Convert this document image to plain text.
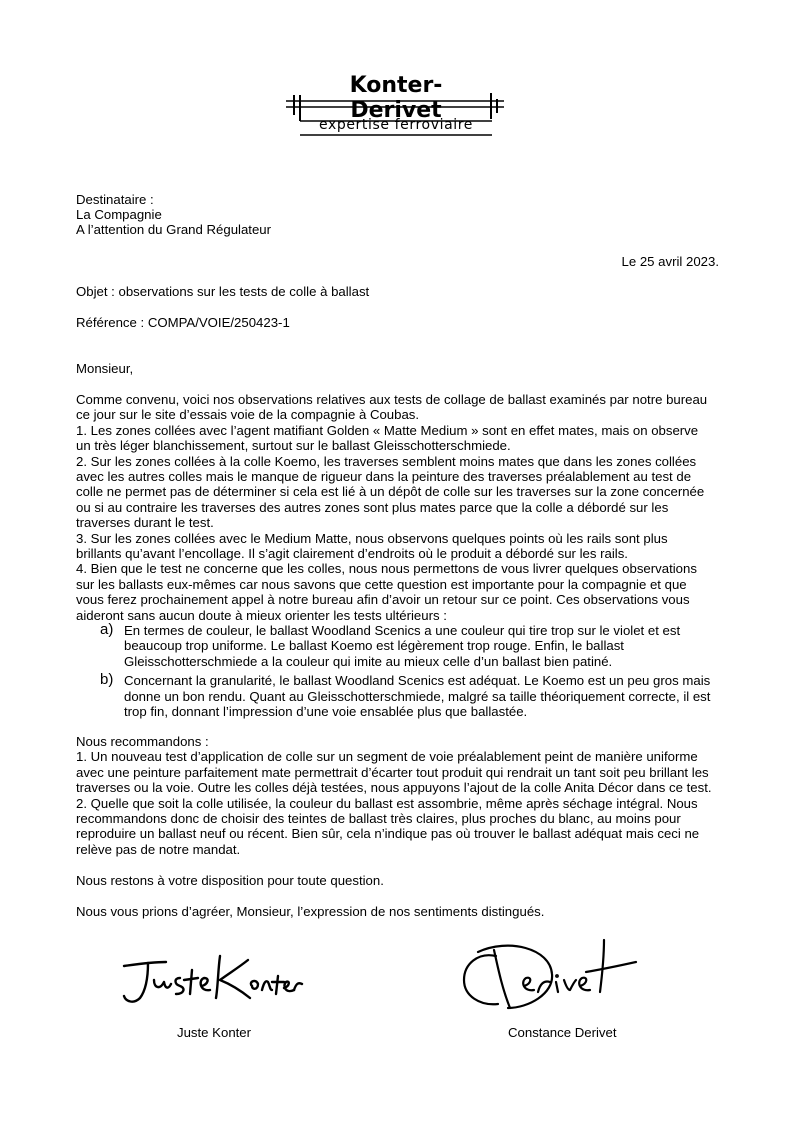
Konter-Derivet
expertise ferroviaire
Destinataire :
La Compagnie
A l’attention du Grand Régulateur
Le 25 avril 2023.
Objet : observations sur les tests de colle à ballast
Référence : COMPA/VOIE/250423-1
Monsieur,
Comme convenu, voici nos observations relatives aux tests de collage de ballast examinés par notre bureau
ce jour sur le site d’essais voie de la compagnie à Coubas.
1. Les zones collées avec l’agent matifiant Golden « Matte Medium » sont en effet mates, mais on observe
un très léger blanchissement, surtout sur le ballast Gleisschotterschmiede.
2. Sur les zones collées à la colle Koemo, les traverses semblent moins mates que dans les zones collées
avec les autres colles mais le manque de rigueur dans la peinture des traverses préalablement au test de
colle ne permet pas de déterminer si cela est lié à un dépôt de colle sur les traverses sur la zone concernée
ou si au contraire les traverses des autres zones sont plus mates parce que la colle a débordé sur les
traverses durant le test.
3. Sur les zones collées avec le Medium Matte, nous observons quelques points où les rails sont plus
brillants qu’avant l’encollage. Il s’agit clairement d’endroits où le produit a débordé sur les rails.
4. Bien que le test ne concerne que les colles, nous nous permettons de vous livrer quelques observations
sur les ballasts eux-mêmes car nous savons que cette question est importante pour la compagnie et que
vous ferez prochainement appel à notre bureau afin d’avoir un retour sur ce point. Ces observations vous
aideront sans aucun doute à mieux orienter les tests ultérieurs :
a) En termes de couleur, le ballast Woodland Scenics a une couleur qui tire trop sur le violet et est
beaucoup trop uniforme. Le ballast Koemo est légèrement trop rouge. Enfin, le ballast
Gleisschotterschmiede a la couleur qui imite au mieux celle d’un ballast bien patiné.
b) Concernant la granularité, le ballast Woodland Scenics est adéquat. Le Koemo est un peu gros mais
donne un bon rendu. Quant au Gleisschotterschmiede, malgré sa taille théoriquement correcte, il est
trop fin, donnant l’impression d’une voie ensablée plus que ballastée.
Nous recommandons :
1. Un nouveau test d’application de colle sur un segment de voie préalablement peint de manière uniforme
avec une peinture parfaitement mate permettrait d’écarter tout produit qui rendrait un tant soit peu brillant les
traverses ou la voie. Outre les colles déjà testées, nous appuyons l’ajout de la colle Anita Décor dans ce test.
2. Quelle que soit la colle utilisée, la couleur du ballast est assombrie, même après séchage intégral. Nous
recommandons donc de choisir des teintes de ballast très claires, plus proches du blanc, au moins pour
reproduire un ballast neuf ou récent. Bien sûr, cela n’indique pas où trouver le ballast adéquat mais ceci ne
relève pas de notre mandat.
Nous restons à votre disposition pour toute question.
Nous vous prions d’agréer, Monsieur, l’expression de nos sentiments distingués.
Juste Konter	Constance Derivet
